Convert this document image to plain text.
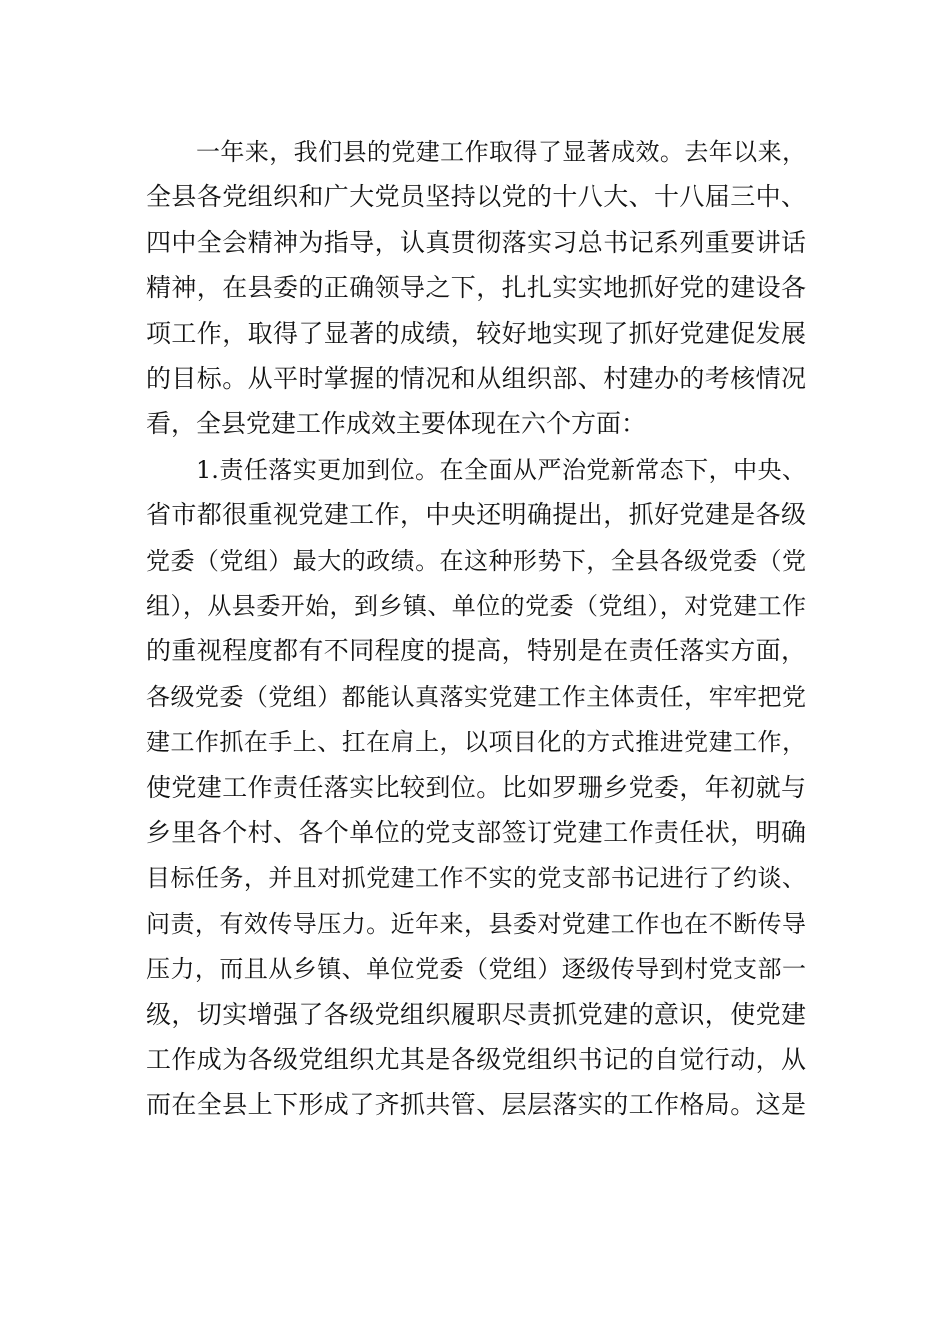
一年来，我们县的党建工作取得了显著成效。去年以来，
全县各党组织和广大党员坚持以党的十八大、十八届三中、
四中全会精神为指导，认真贯彻落实习总书记系列重要讲话
精神，在县委的正确领导之下，扎扎实实地抓好党的建设各
项工作，取得了显著的成绩，较好地实现了抓好党建促发展
的目标。从平时掌握的情况和从组织部、村建办的考核情况
看，全县党建工作成效主要体现在六个方面：
1.责任落实更加到位。在全面从严治党新常态下，中央、
省市都很重视党建工作，中央还明确提出，抓好党建是各级
党委（党组）最大的政绩。在这种形势下，全县各级党委（党
组），从县委开始，到乡镇、单位的党委（党组），对党建工作
的重视程度都有不同程度的提高，特别是在责任落实方面，
各级党委（党组）都能认真落实党建工作主体责任，牢牢把党
建工作抓在手上、扛在肩上，以项目化的方式推进党建工作，
使党建工作责任落实比较到位。比如罗珊乡党委，年初就与
乡里各个村、各个单位的党支部签订党建工作责任状，明确
目标任务，并且对抓党建工作不实的党支部书记进行了约谈、
问责，有效传导压力。近年来，县委对党建工作也在不断传导
压力，而且从乡镇、单位党委（党组）逐级传导到村党支部一
级，切实增强了各级党组织履职尽责抓党建的意识，使党建
工作成为各级党组织尤其是各级党组织书记的自觉行动，从
而在全县上下形成了齐抓共管、层层落实的工作格局。这是
